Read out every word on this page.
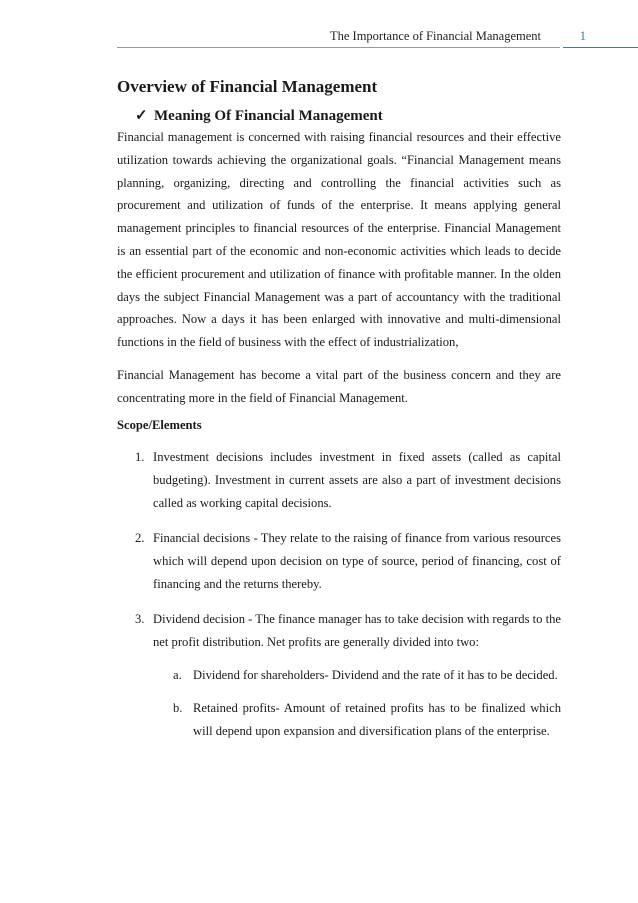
The Importance of Financial Management	1
Overview of Financial Management
✓ Meaning Of Financial Management

Financial management is concerned with raising financial resources and their effective utilization towards achieving the organizational goals. “Financial Management means planning, organizing, directing and controlling the financial activities such as procurement and utilization of funds of the enterprise. It means applying general management principles to financial resources of the enterprise. Financial Management is an essential part of the economic and non-economic activities which leads to decide the efficient procurement and utilization of finance with profitable manner. In the olden days the subject Financial Management was a part of accountancy with the traditional approaches. Now a days it has been enlarged with innovative and multi-dimensional functions in the field of business with the effect of industrialization,

Financial Management has become a vital part of the business concern and they are concentrating more in the field of Financial Management.

Scope/Elements
1. Investment decisions includes investment in fixed assets (called as capital budgeting). Investment in current assets are also a part of investment decisions called as working capital decisions.
2. Financial decisions - They relate to the raising of finance from various resources which will depend upon decision on type of source, period of financing, cost of financing and the returns thereby.
3. Dividend decision - The finance manager has to take decision with regards to the net profit distribution. Net profits are generally divided into two:
a. Dividend for shareholders- Dividend and the rate of it has to be decided.
b. Retained profits- Amount of retained profits has to be finalized which will depend upon expansion and diversification plans of the enterprise.
